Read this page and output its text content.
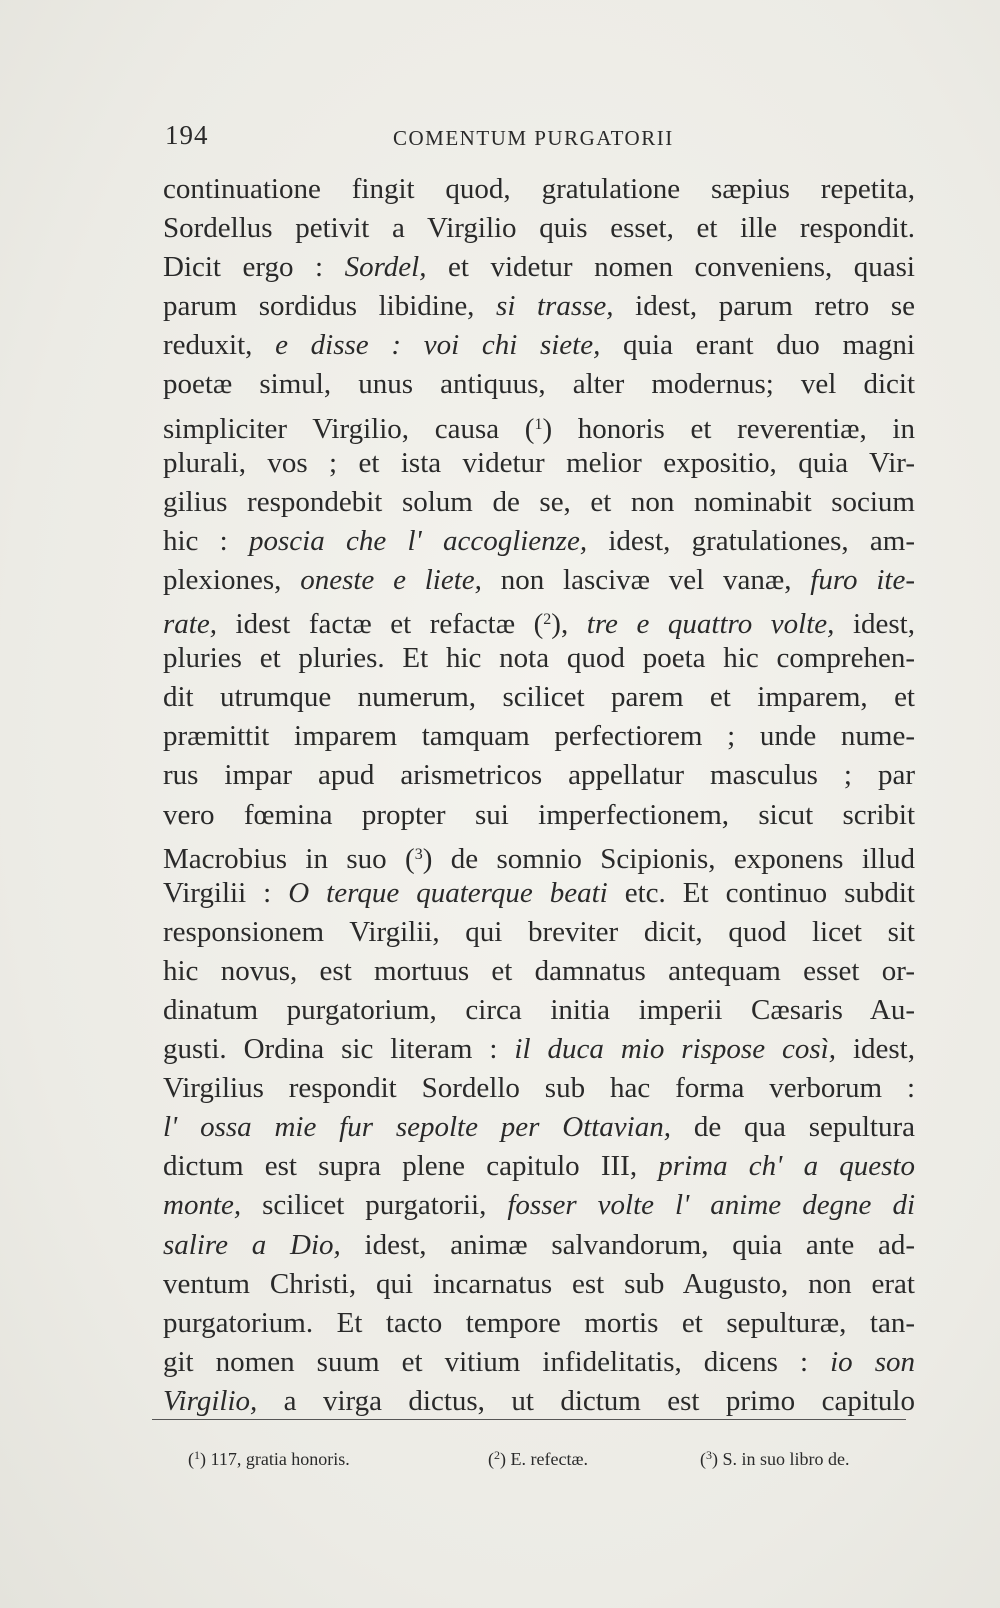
194	COMENTUM PURGATORII
continuatione fingit quod, gratulatione sæpius repetita,
Sordellus petivit a Virgilio quis esset, et ille respondit.
Dicit ergo : Sordel, et videtur nomen conveniens, quasi
parum sordidus libidine, si trasse, idest, parum retro se
reduxit, e disse : voi chi siete, quia erant duo magni
poetæ simul, unus antiquus, alter modernus; vel dicit
simpliciter Virgilio, causa ($^1$) honoris et reverentiæ, in
plurali, vos ; et ista videtur melior expositio, quia Vir-
gilius respondebit solum de se, et non nominabit socium
hic : poscia che l' accoglienze, idest, gratulationes, am-
plexiones, oneste e liete, non lascivæ vel vanæ, furo ite-
rate, idest factæ et refactæ ($^2$), tre e quattro volte, idest,
pluries et pluries. Et hic nota quod poeta hic comprehen-
dit utrumque numerum, scilicet parem et imparem, et
præmittit imparem tamquam perfectiorem ; unde nume-
rus impar apud arismetricos appellatur masculus ; par
vero fœmina propter sui imperfectionem, sicut scribit
Macrobius in suo ($^3$) de somnio Scipionis, exponens illud
Virgilii : O terque quaterque beati etc. Et continuo subdit
responsionem Virgilii, qui breviter dicit, quod licet sit
hic novus, est mortuus et damnatus antequam esset or-
dinatum purgatorium, circa initia imperii Cæsaris Au-
gusti. Ordina sic literam : il duca mio rispose così, idest,
Virgilius respondit Sordello sub hac forma verborum :
l' ossa mie fur sepolte per Ottavian, de qua sepultura
dictum est supra plene capitulo III, prima ch' a questo
monte, scilicet purgatorii, fosser volte l' anime degne di
salire a Dio, idest, animæ salvandorum, quia ante ad-
ventum Christi, qui incarnatus est sub Augusto, non erat
purgatorium. Et tacto tempore mortis et sepulturæ, tan-
git nomen suum et vitium infidelitatis, dicens : io son
Virgilio, a virga dictus, ut dictum est primo capitulo
($^1$) 117, gratia honoris.	($^2$) E. refectæ.	($^3$) S. in suo libro de.
